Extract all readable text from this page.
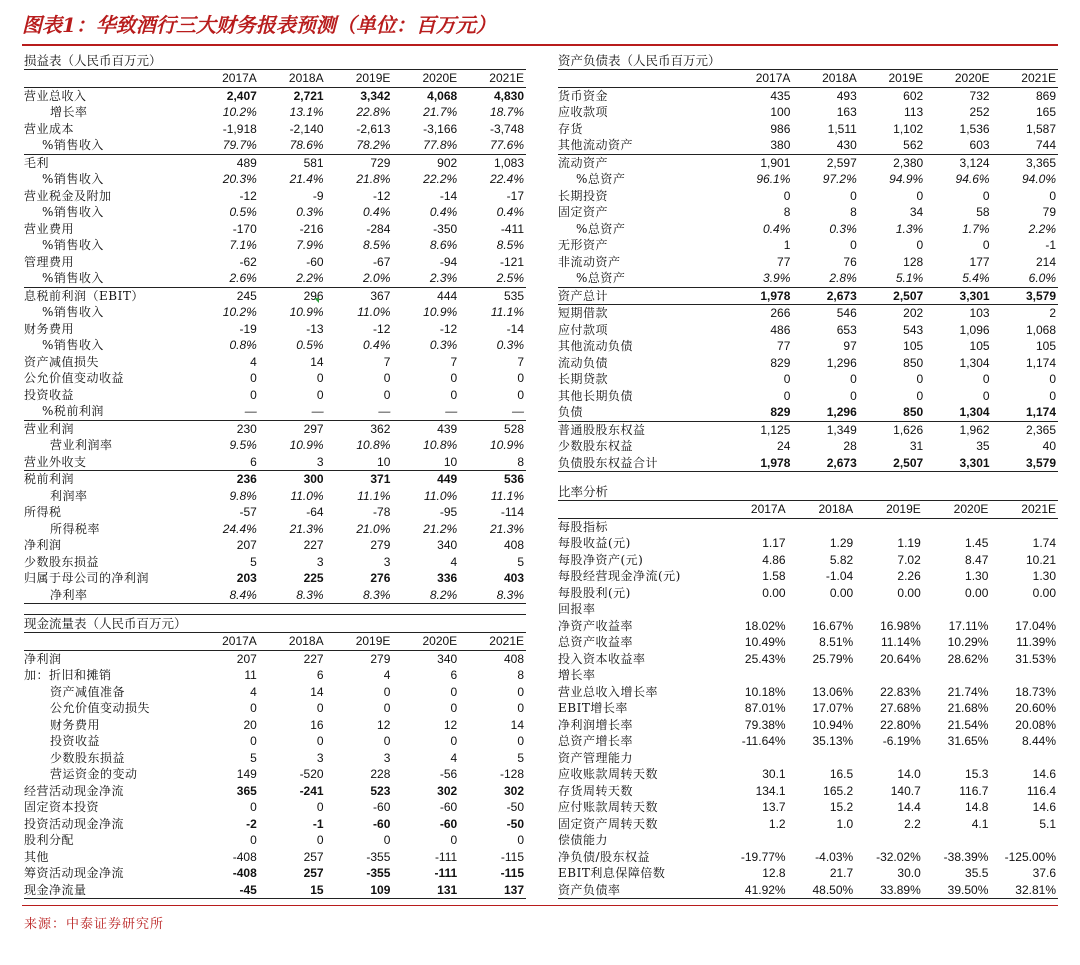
图表1：华致酒行三大财务报表预测（单位：百万元）
损益表（人民币百万元）
	2017A	2018A	2019E	2020E	2021E
营业总收入	2,407	2,721	3,342	4,068	4,830
增长率	10.2%	13.1%	22.8%	21.7%	18.7%
营业成本	-1,918	-2,140	-2,613	-3,166	-3,748
%销售收入	79.7%	78.6%	78.2%	77.8%	77.6%
毛利	489	581	729	902	1,083
%销售收入	20.3%	21.4%	21.8%	22.2%	22.4%
营业税金及附加	-12	-9	-12	-14	-17
%销售收入	0.5%	0.3%	0.4%	0.4%	0.4%
营业费用	-170	-216	-284	-350	-411
%销售收入	7.1%	7.9%	8.5%	8.6%	8.5%
管理费用	-62	-60	-67	-94	-121
%销售收入	2.6%	2.2%	2.0%	2.3%	2.5%
息税前利润（EBIT）	245	296	367	444	535
%销售收入	10.2%	10.9%	11.0%	10.9%	11.1%
财务费用	-19	-13	-12	-12	-14
%销售收入	0.8%	0.5%	0.4%	0.3%	0.3%
资产减值损失	4	14	7	7	7
公允价值变动收益	0	0	0	0	0
投资收益	0	0	0	0	0
%税前利润	—	—	—	—	—
营业利润	230	297	362	439	528
营业利润率	9.5%	10.9%	10.8%	10.8%	10.9%
营业外收支	6	3	10	10	8
税前利润	236	300	371	449	536
利润率	9.8%	11.0%	11.1%	11.0%	11.1%
所得税	-57	-64	-78	-95	-114
所得税率	24.4%	21.3%	21.0%	21.2%	21.3%
净利润	207	227	279	340	408
少数股东损益	5	3	3	4	5
归属于母公司的净利润	203	225	276	336	403
净利率	8.4%	8.3%	8.3%	8.2%	8.3%
现金流量表（人民币百万元）
	2017A	2018A	2019E	2020E	2021E
净利润	207	227	279	340	408
加：折旧和摊销	11	6	4	6	8
资产减值准备	4	14	0	0	0
公允价值变动损失	0	0	0	0	0
财务费用	20	16	12	12	14
投资收益	0	0	0	0	0
少数股东损益	5	3	3	4	5
营运资金的变动	149	-520	228	-56	-128
经营活动现金净流	365	-241	523	302	302
固定资本投资	0	0	-60	-60	-50
投资活动现金净流	-2	-1	-60	-60	-50
股利分配	0	0	0	0	0
其他	-408	257	-355	-111	-115
筹资活动现金净流	-408	257	-355	-111	-115
现金净流量	-45	15	109	131	137
资产负债表（人民币百万元）
	2017A	2018A	2019E	2020E	2021E
货币资金	435	493	602	732	869
应收款项	100	163	113	252	165
存货	986	1,511	1,102	1,536	1,587
其他流动资产	380	430	562	603	744
流动资产	1,901	2,597	2,380	3,124	3,365
%总资产	96.1%	97.2%	94.9%	94.6%	94.0%
长期投资	0	0	0	0	0
固定资产	8	8	34	58	79
%总资产	0.4%	0.3%	1.3%	1.7%	2.2%
无形资产	1	0	0	0	-1
非流动资产	77	76	128	177	214
%总资产	3.9%	2.8%	5.1%	5.4%	6.0%
资产总计	1,978	2,673	2,507	3,301	3,579
短期借款	266	546	202	103	2
应付款项	486	653	543	1,096	1,068
其他流动负债	77	97	105	105	105
流动负债	829	1,296	850	1,304	1,174
长期贷款	0	0	0	0	0
其他长期负债	0	0	0	0	0
负债	829	1,296	850	1,304	1,174
普通股股东权益	1,125	1,349	1,626	1,962	2,365
少数股东权益	24	28	31	35	40
负债股东权益合计	1,978	2,673	2,507	3,301	3,579
比率分析
	2017A	2018A	2019E	2020E	2021E
每股指标					
每股收益(元)	1.17	1.29	1.19	1.45	1.74
每股净资产(元)	4.86	5.82	7.02	8.47	10.21
每股经营现金净流(元)	1.58	-1.04	2.26	1.30	1.30
每股股利(元)	0.00	0.00	0.00	0.00	0.00
回报率					
净资产收益率	18.02%	16.67%	16.98%	17.11%	17.04%
总资产收益率	10.49%	8.51%	11.14%	10.29%	11.39%
投入资本收益率	25.43%	25.79%	20.64%	28.62%	31.53%
增长率					
营业总收入增长率	10.18%	13.06%	22.83%	21.74%	18.73%
EBIT增长率	87.01%	17.07%	27.68%	21.68%	20.60%
净利润增长率	79.38%	10.94%	22.80%	21.54%	20.08%
总资产增长率	-11.64%	35.13%	-6.19%	31.65%	8.44%
资产管理能力					
应收账款周转天数	30.1	16.5	14.0	15.3	14.6
存货周转天数	134.1	165.2	140.7	116.7	116.4
应付账款周转天数	13.7	15.2	14.4	14.8	14.6
固定资产周转天数	1.2	1.0	2.2	4.1	5.1
偿债能力					
净负债/股东权益	-19.77%	-4.03%	-32.02%	-38.39%	-125.00%
EBIT利息保障倍数	12.8	21.7	30.0	35.5	37.6
资产负债率	41.92%	48.50%	33.89%	39.50%	32.81%
来源：中泰证券研究所
